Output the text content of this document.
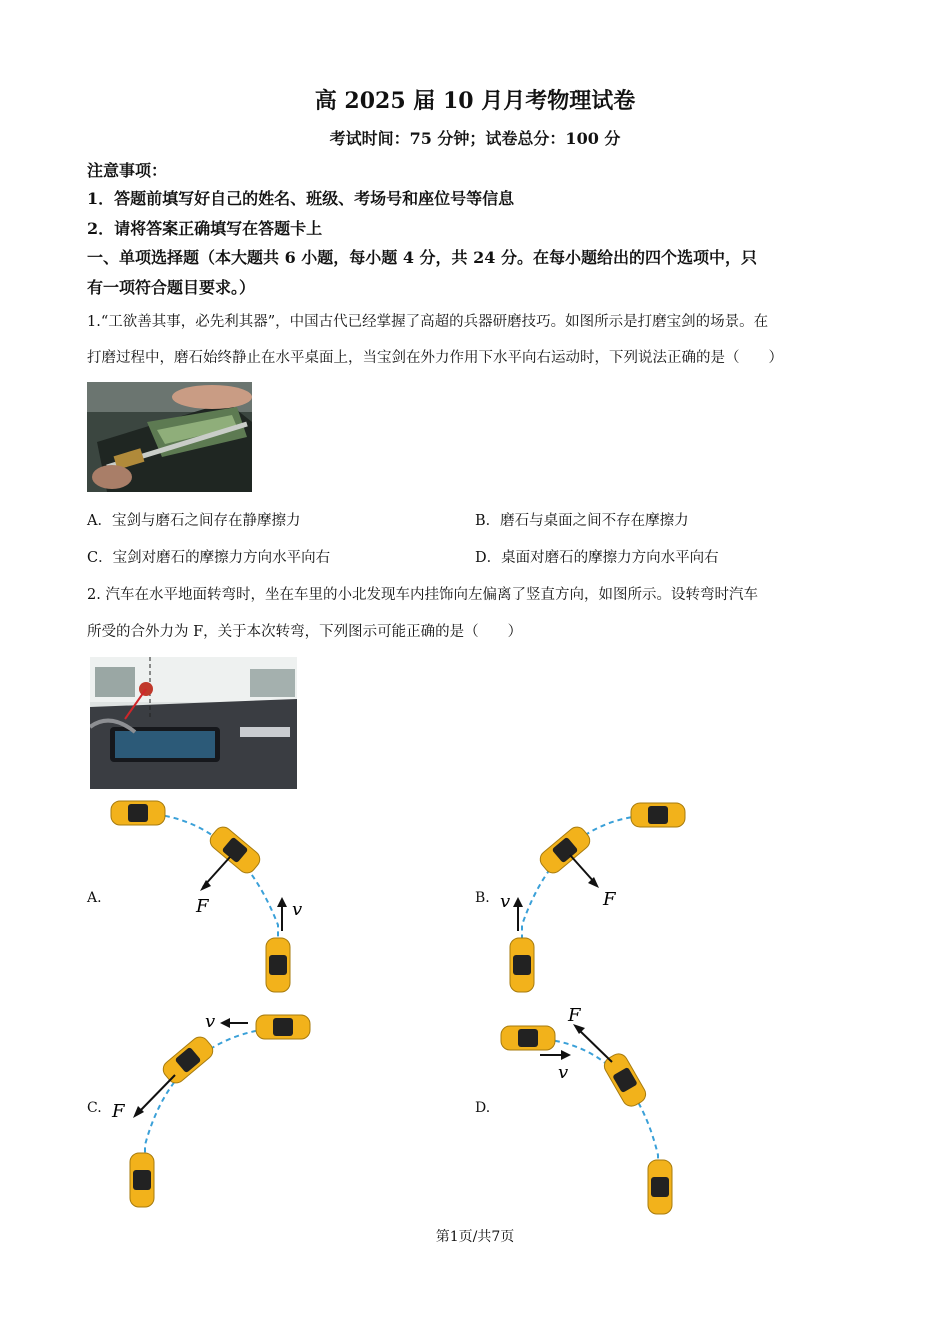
高 2025 届 10 月月考物理试卷
考试时间：75 分钟；试卷总分：100 分
注意事项：
1．答题前填写好自己的姓名、班级、考场号和座位号等信息
2．请将答案正确填写在答题卡上
一、单项选择题（本大题共 6 小题，每小题 4 分，共 24 分。在每小题给出的四个选项中，只
有一项符合题目要求。）
1.“工欲善其事，必先利其器”，中国古代已经掌握了高超的兵器研磨技巧。如图所示是打磨宝剑的场景。在
打磨过程中，磨石始终静止在水平桌面上，当宝剑在外力作用下水平向右运动时，下列说法正确的是（　　）
A．宝剑与磨石之间存在静摩擦力	B．磨石与桌面之间不存在摩擦力
C．宝剑对磨石的摩擦力方向水平向右	D．桌面对磨石的摩擦力方向水平向右
2. 汽车在水平地面转弯时，坐在车里的小北发现车内挂饰向左偏离了竖直方向，如图所示。设转弯时汽车
所受的合外力为 F，关于本次转弯，下列图示可能正确的是（　　）
A.	F	v
B.	F
v
C. F
v
D.
F
v
第1页/共7页
